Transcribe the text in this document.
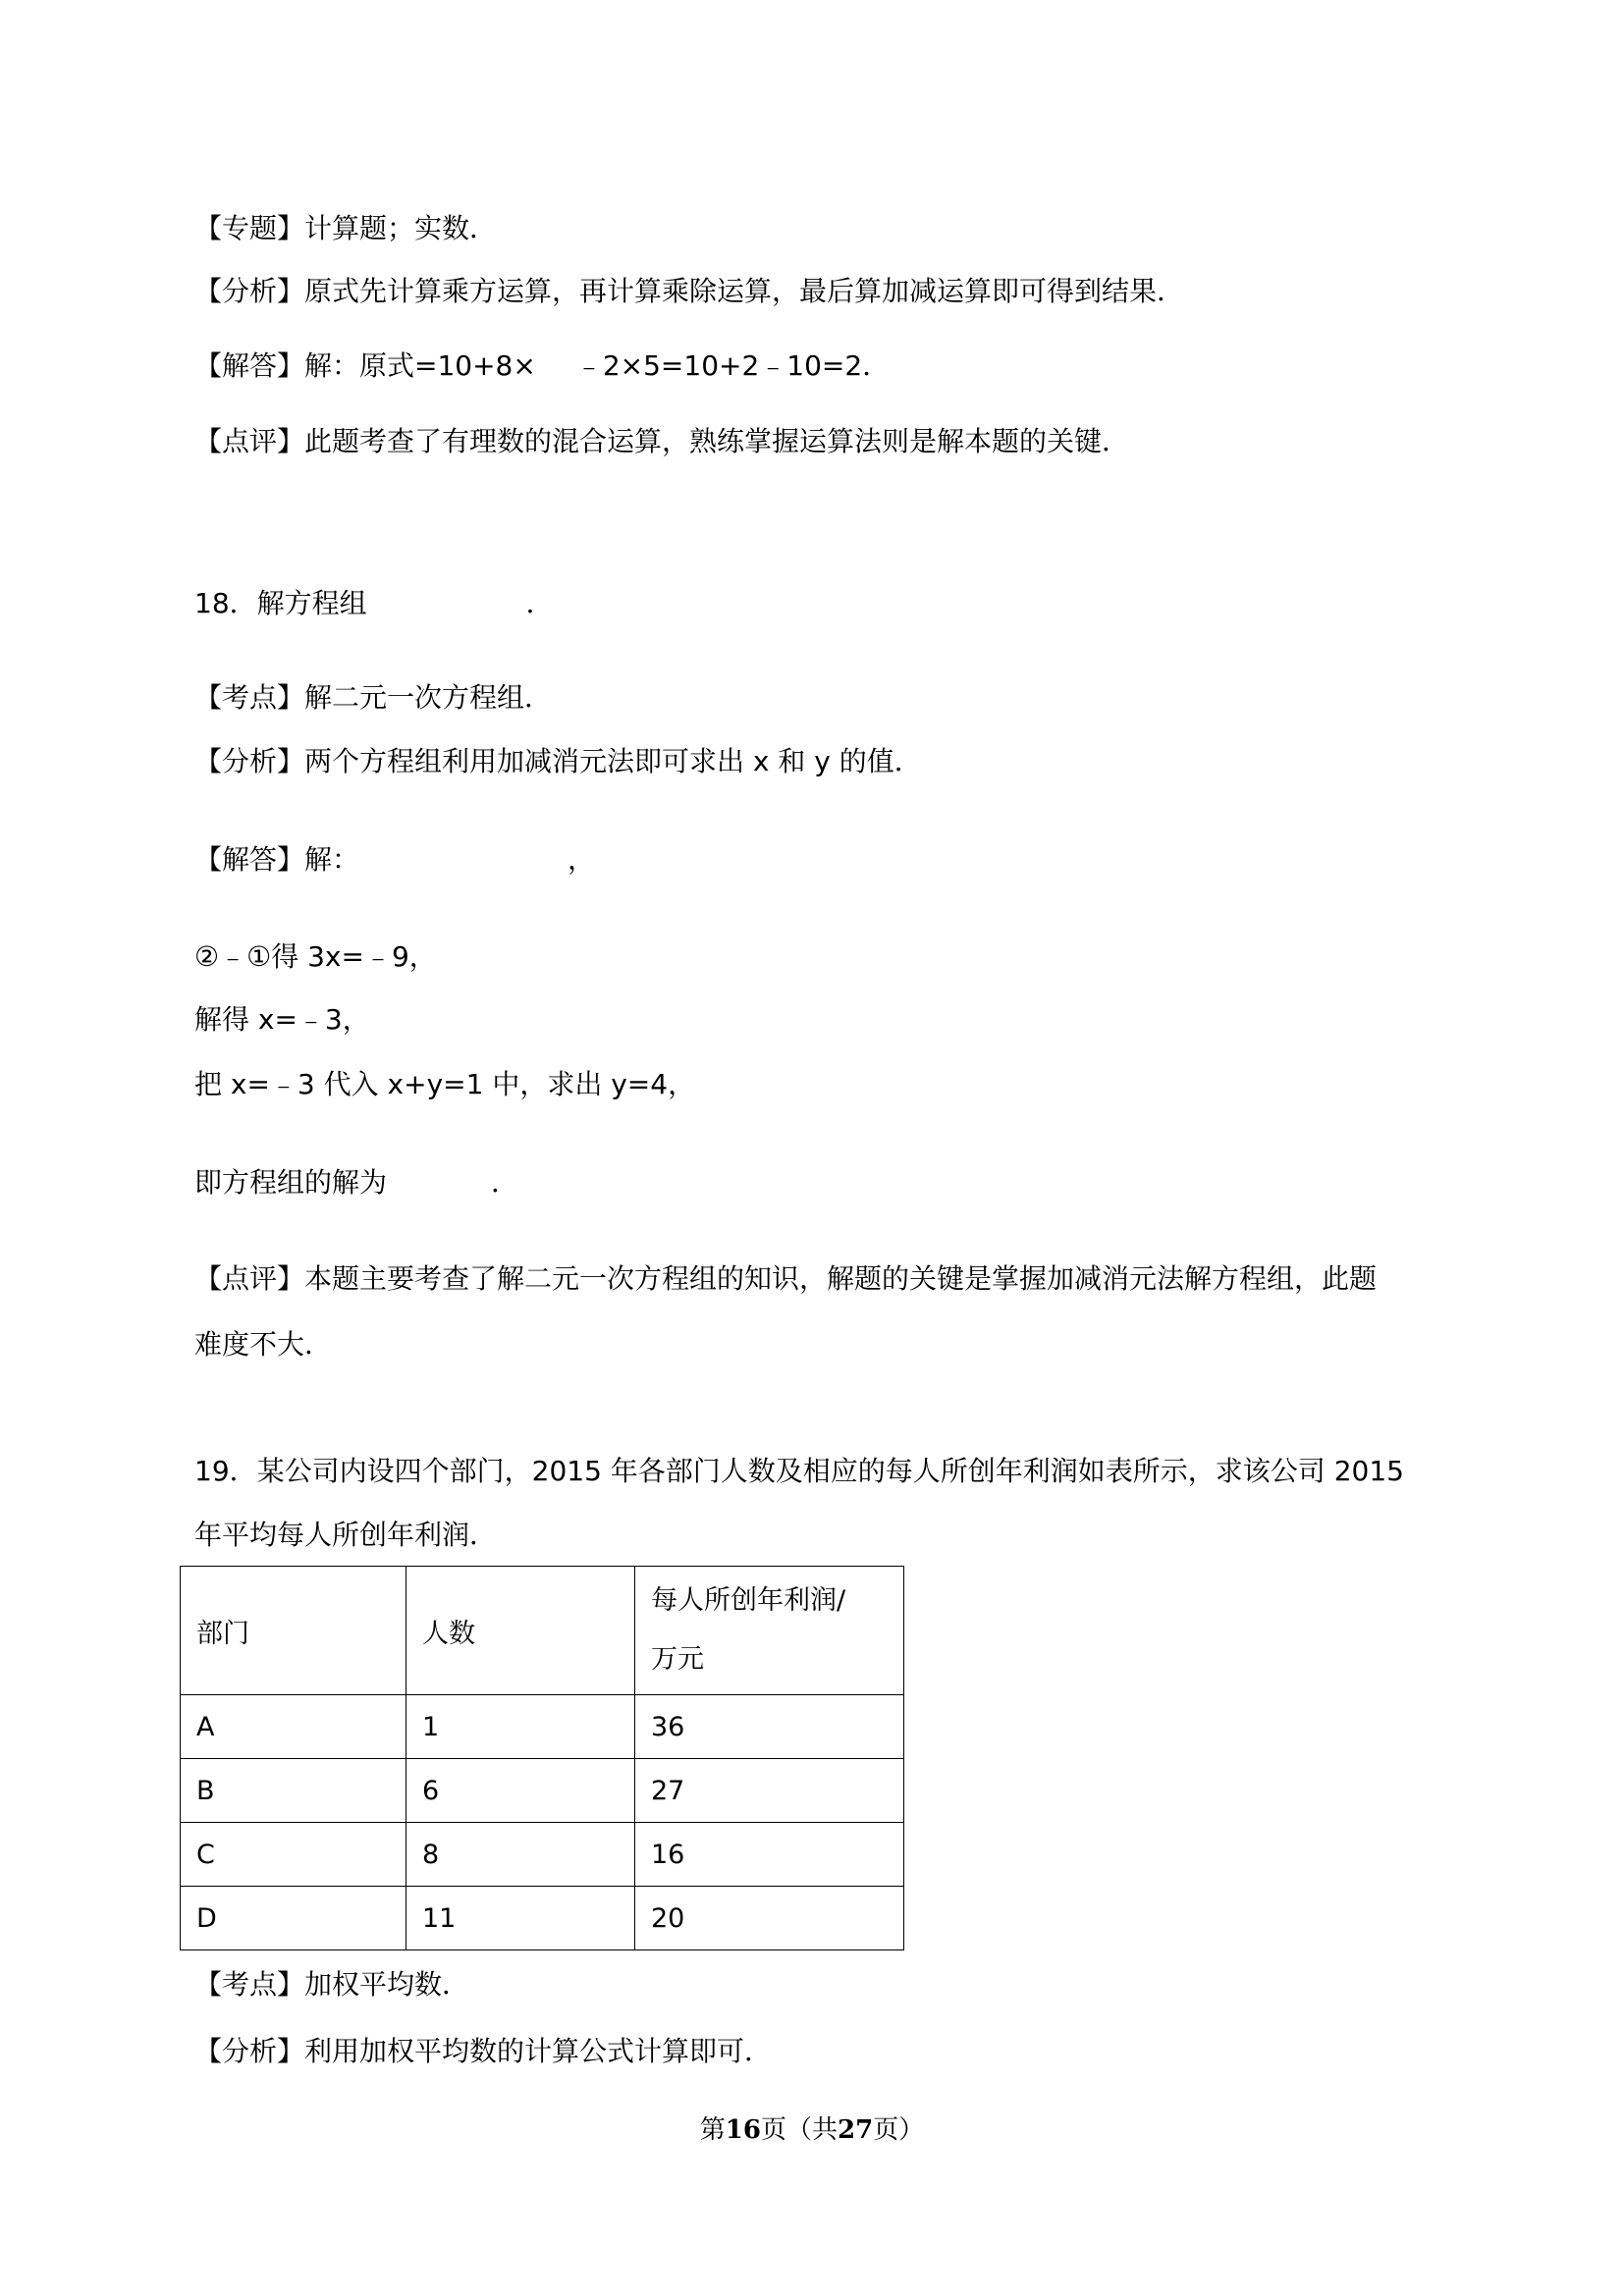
【专题】计算题；实数．
【分析】原式先计算乘方运算，再计算乘除运算，最后算加减运算即可得到结果．
【解答】解：原式=10+8× ﹣2×5=10+2﹣10=2．
【点评】此题考查了有理数的混合运算，熟练掌握运算法则是解本题的关键．
18．解方程组	．
【考点】解二元一次方程组．
【分析】两个方程组利用加减消元法即可求出 x 和 y 的值．
【解答】解：	，
②﹣①得 3x=﹣9，
解得 x=﹣3，
把 x=﹣3 代入 x+y=1 中，求出 y=4，
即方程组的解为	．
【点评】本题主要考查了解二元一次方程组的知识，解题的关键是掌握加减消元法解方程组，此题
难度不大．
19．某公司内设四个部门，2015 年各部门人数及相应的每人所创年利润如表所示，求该公司 2015
年平均每人所创年利润．
部门	人数	每人所创年利润/
万元

A	1	36
B	6	27
C	8	16
D	11	20
【考点】加权平均数．
【分析】利用加权平均数的计算公式计算即可．
第16页（共27页）
